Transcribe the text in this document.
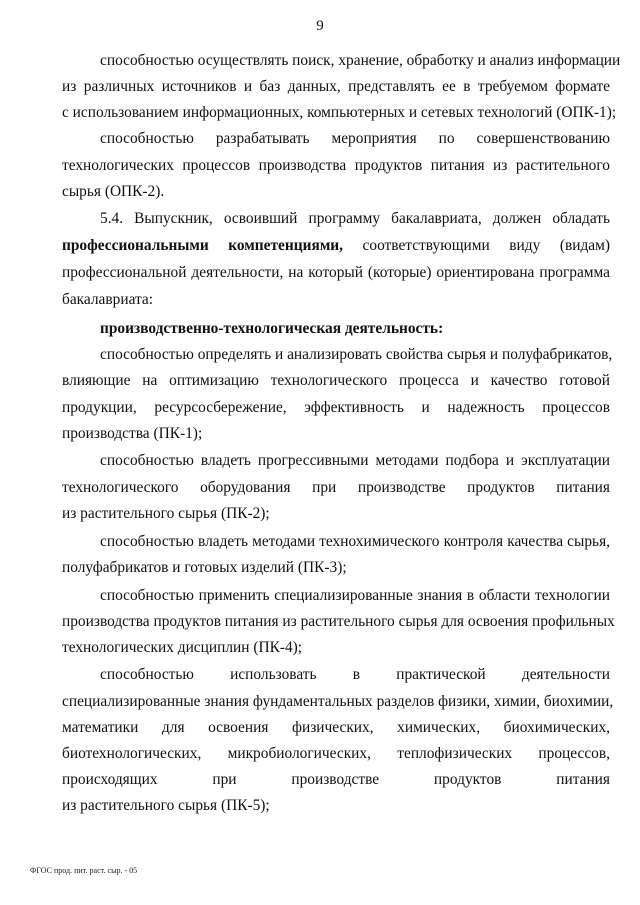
9
способностью осуществлять поиск, хранение, обработку и анализ информации
из различных источников и баз данных, представлять ее в требуемом формате
с использованием информационных, компьютерных и сетевых технологий (ОПК-1);
способностью разрабатывать мероприятия по совершенствованию
технологических процессов производства продуктов питания из растительного
сырья (ОПК-2).
5.4. Выпускник, освоивший программу бакалавриата, должен обладать
профессиональными компетенциями, соответствующими виду (видам)
профессиональной деятельности, на который (которые) ориентирована программа
бакалавриата:
производственно-технологическая деятельность:
способностью определять и анализировать свойства сырья и полуфабрикатов,
влияющие на оптимизацию технологического процесса и качество готовой
продукции, ресурсосбережение, эффективность и надежность процессов
производства (ПК-1);
способностью владеть прогрессивными методами подбора и эксплуатации
технологического оборудования при производстве продуктов питания
из растительного сырья (ПК-2);
способностью владеть методами технохимического контроля качества сырья,
полуфабрикатов и готовых изделий (ПК-3);
способностью применить специализированные знания в области технологии
производства продуктов питания из растительного сырья для освоения профильных
технологических дисциплин (ПК-4);
способностью использовать в практической деятельности
специализированные знания фундаментальных разделов физики, химии, биохимии,
математики для освоения физических, химических, биохимических,
биотехнологических, микробиологических, теплофизических процессов,
происходящих при производстве продуктов питания
из растительного сырья (ПК-5);
ФГОС прод. пит. раст. сыр. - 05
